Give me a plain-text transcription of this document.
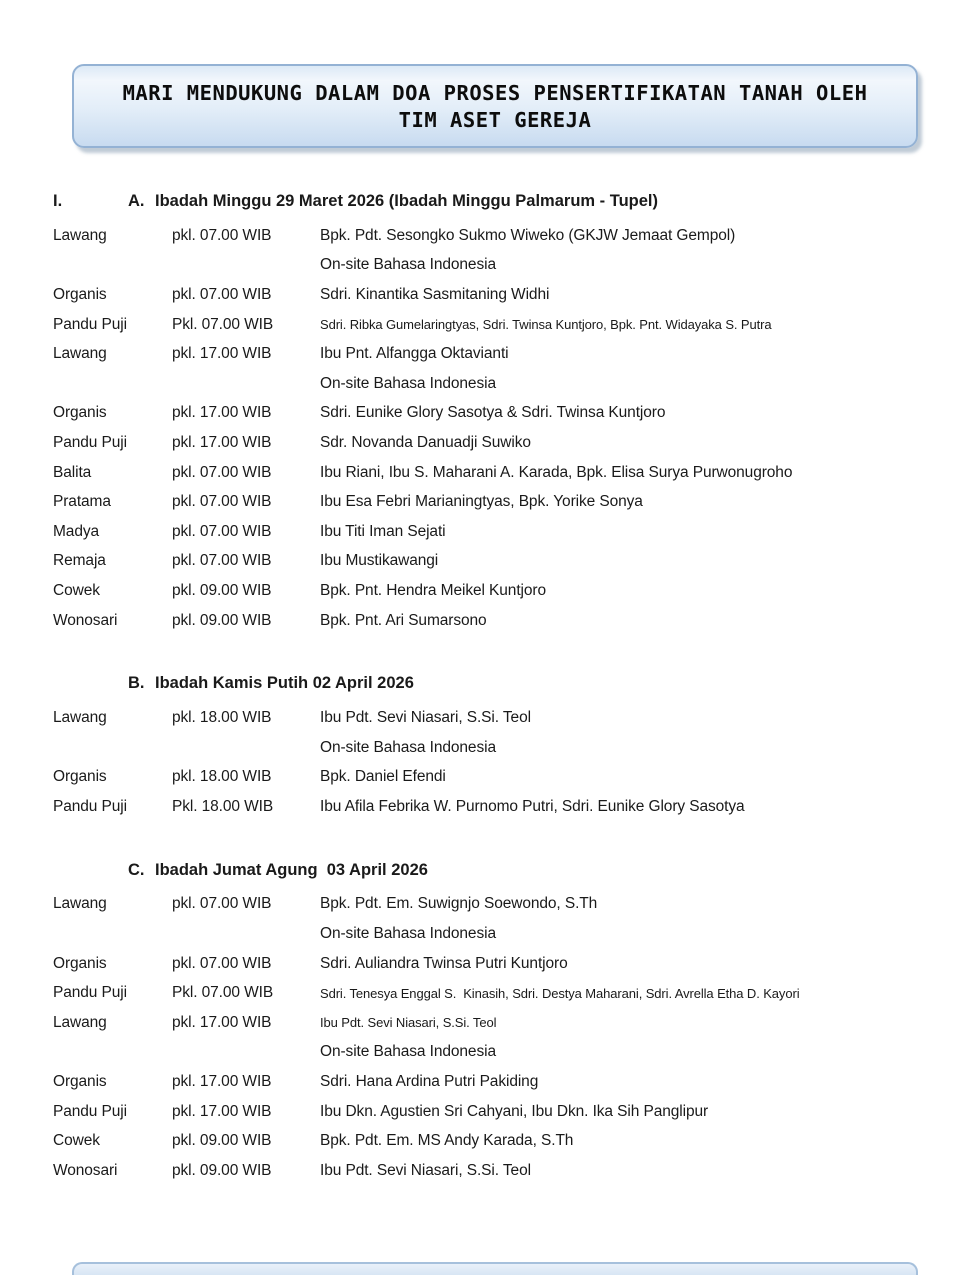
MARI MENDUKUNG DALAM DOA PROSES PENSERTIFIKATAN TANAH OLEH
TIM ASET GEREJA
I.	A. Ibadah Minggu 29 Maret 2026 (Ibadah Minggu Palmarum - Tupel)
Lawang	pkl. 07.00 WIB	Bpk. Pdt. Sesongko Sukmo Wiweko (GKJW Jemaat Gempol)
On-site Bahasa Indonesia
Organis	pkl. 07.00 WIB	Sdri. Kinantika Sasmitaning Widhi
Pandu Puji	Pkl. 07.00 WIB	Sdri. Ribka Gumelaringtyas, Sdri. Twinsa Kuntjoro, Bpk. Pnt. Widayaka S. Putra
Lawang	pkl. 17.00 WIB	Ibu Pnt. Alfangga Oktavianti
On-site Bahasa Indonesia
Organis	pkl. 17.00 WIB	Sdri. Eunike Glory Sasotya & Sdri. Twinsa Kuntjoro
Pandu Puji	pkl. 17.00 WIB	Sdr. Novanda Danuadji Suwiko
Balita	pkl. 07.00 WIB	Ibu Riani, Ibu S. Maharani A. Karada, Bpk. Elisa Surya Purwonugroho
Pratama	pkl. 07.00 WIB	Ibu Esa Febri Marianingtyas, Bpk. Yorike Sonya
Madya	pkl. 07.00 WIB	Ibu Titi Iman Sejati
Remaja	pkl. 07.00 WIB	Ibu Mustikawangi
Cowek	pkl. 09.00 WIB	Bpk. Pnt. Hendra Meikel Kuntjoro
Wonosari	pkl. 09.00 WIB	Bpk. Pnt. Ari Sumarsono
B. Ibadah Kamis Putih 02 April 2026
Lawang	pkl. 18.00 WIB	Ibu Pdt. Sevi Niasari, S.Si. Teol
On-site Bahasa Indonesia
Organis	pkl. 18.00 WIB	Bpk. Daniel Efendi
Pandu Puji	Pkl. 18.00 WIB	Ibu Afila Febrika W. Purnomo Putri, Sdri. Eunike Glory Sasotya
C. Ibadah Jumat Agung  03 April 2026
Lawang	pkl. 07.00 WIB	Bpk. Pdt. Em. Suwignjo Soewondo, S.Th
On-site Bahasa Indonesia
Organis	pkl. 07.00 WIB	Sdri. Auliandra Twinsa Putri Kuntjoro
Pandu Puji	Pkl. 07.00 WIB	Sdri. Tenesya Enggal S.  Kinasih, Sdri. Destya Maharani, Sdri. Avrella Etha D. Kayori
Lawang	pkl. 17.00 WIB	Ibu Pdt. Sevi Niasari, S.Si. Teol
On-site Bahasa Indonesia
Organis	pkl. 17.00 WIB	Sdri. Hana Ardina Putri Pakiding
Pandu Puji	pkl. 17.00 WIB	Ibu Dkn. Agustien Sri Cahyani, Ibu Dkn. Ika Sih Panglipur
Cowek	pkl. 09.00 WIB	Bpk. Pdt. Em. MS Andy Karada, S.Th
Wonosari	pkl. 09.00 WIB	Ibu Pdt. Sevi Niasari, S.Si. Teol
